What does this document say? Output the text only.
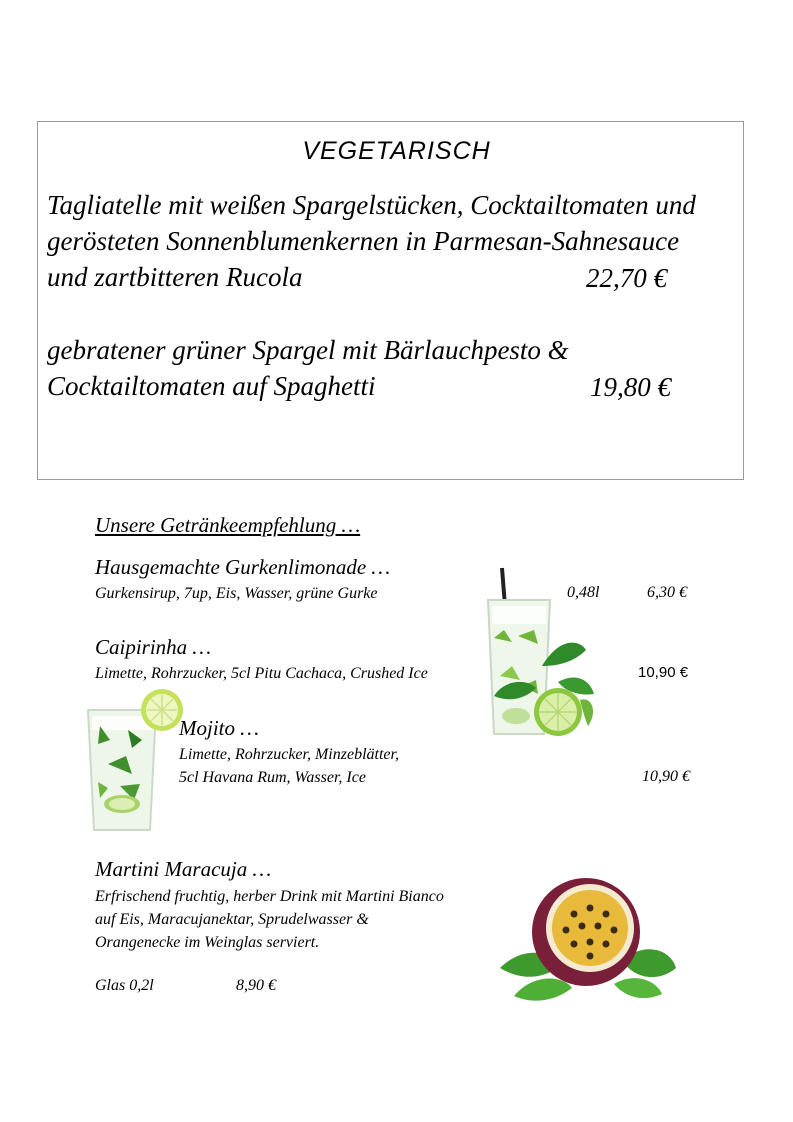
VEGETARISCH
Tagliatelle mit weißen Spargelstücken, Cocktailtomaten und
gerösteten Sonnenblumenkernen in Parmesan-Sahnesauce
und zartbitteren Rucola	22,70 €
gebratener grüner Spargel mit Bärlauchpesto &
Cocktailtomaten auf Spaghetti	19,80 €
Unsere Getränkeempfehlung …
Hausgemachte Gurkenlimonade …
Gurkensirup, 7up, Eis, Wasser, grüne Gurke	0,48l	6,30 €
Caipirinha …
Limette, Rohrzucker, 5cl Pitu Cachaca, Crushed Ice	10,90 €
Mojito …
Limette, Rohrzucker, Minzeblätter,
5cl Havana Rum, Wasser, Ice	10,90 €
Martini Maracuja …
Erfrischend fruchtig, herber Drink mit Martini Bianco
auf Eis, Maracujanektar, Sprudelwasser &
Orangenecke im Weinglas serviert.
Glas 0,2l	8,90 €
